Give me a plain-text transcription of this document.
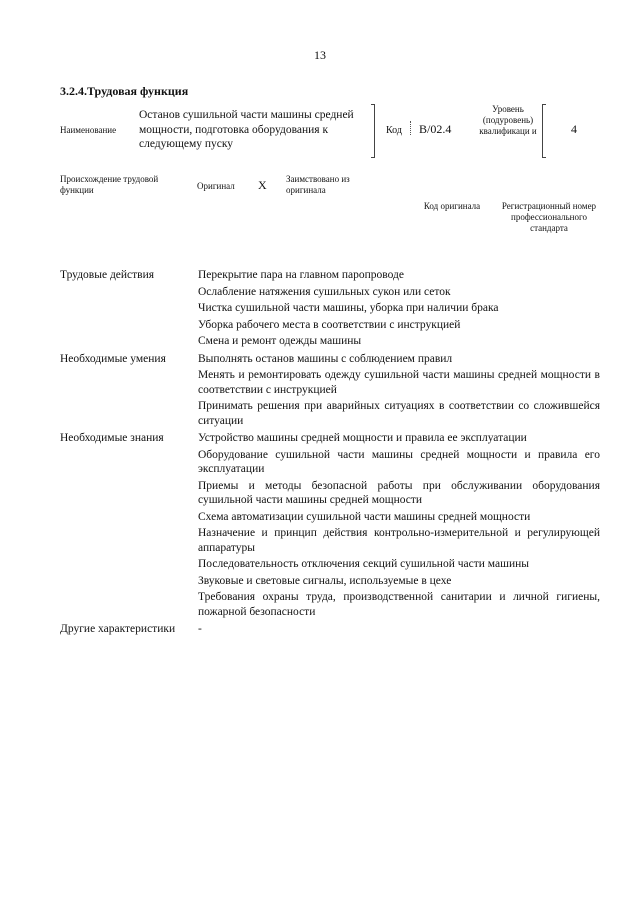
13
3.2.4.Трудовая функция
Наименование
Останов сушильной части машины средней мощности, подготовка оборудования к следующему пуску
Код В/02.4
Уровень (подуровень) квалификаци и	4
Происхождение трудовой функции	Оригинал X Заимствовано из оригинала
Код оригинала	Регистрационный номер профессионального стандарта
Трудовые действия	Перекрытие пара на главном паропроводе
Ослабление натяжения сушильных сукон или сеток
Чистка сушильной части машины, уборка при наличии брака
Уборка рабочего места в соответствии с инструкцией
Смена и ремонт одежды машины
Необходимые умения	Выполнять останов машины с соблюдением правил
Менять и ремонтировать одежду сушильной части машины средней мощности в соответствии с инструкцией
Принимать решения при аварийных ситуациях в соответствии со сложившейся ситуации
Необходимые знания	Устройство машины средней мощности и правила ее эксплуатации
Оборудование сушильной части машины средней мощности и правила его эксплуатации
Приемы и методы безопасной работы при обслуживании оборудования сушильной части машины средней мощности
Схема автоматизации сушильной части машины средней мощности
Назначение и принцип действия контрольно-измерительной и регулирующей аппаратуры
Последовательность отключения секций сушильной части машины
Звуковые и световые сигналы, используемые в цехе
Требования охраны труда, производственной санитарии и личной гигиены, пожарной безопасности
Другие характеристики -
